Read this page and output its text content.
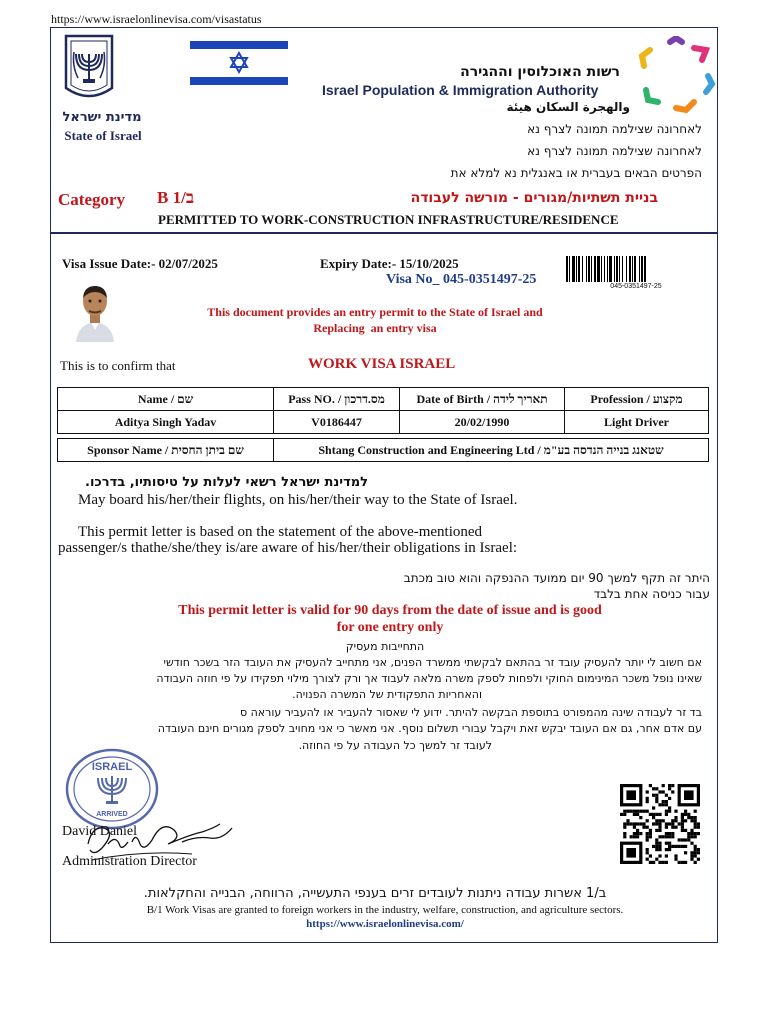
https://www.israelonlinevisa.com/visastatus
מדינת ישראל
State of Israel
רשות האוכלוסין וההגירה
Israel Population & Immigration Authority
والهجرة السكان هيئة
לאחרונה שצילמה תמונה לצרף נא
לאחרונה שצילמה תמונה לצרף נא
הפרטים הבאים בעברית או באנגלית נא למלא את
Category B 1/ב	בניית תשתיות/מגורים - מורשה לעבודה
PERMITTED TO WORK-CONSTRUCTION INFRASTRUCTURE/RESIDENCE
Visa Issue Date:- 02/07/2025	Expiry Date:- 15/10/2025
Visa No_ 045-0351497-25	045-0351497-25
This document provides an entry permit to the State of Israel and
Replacing  an entry visa
This is to confirm that	WORK VISA ISRAEL
Name / שם	Pass NO. / מס.דרכון	Date of Birth / תאריך לידה	Profession / מקצוע
Aditya Singh Yadav	V0186447	20/02/1990	Light Driver

Sponsor Name / שם ביתן החסית	Shtang Construction and Engineering Ltd / שטאנג בנייה הנדסה בע"מ		
למדינת ישראל רשאי לעלות על טיסותיו, בדרכו.
May board his/her/their flights, on his/her/their way to the State of Israel.
This permit letter is based on the statement of the above-mentioned
passenger/s thathe/she/they is/are aware of his/her/their obligations in Israel:
היתר זה תקף למשך 90 יום ממועד ההנפקה והוא טוב מכתב
עבור כניסה אחת בלבד
This permit letter is valid for 90 days from the date of issue and is good
for one entry only
התחייבות מעסיק
אם חשוב לי יותר להעסיק עובד זר בהתאם לבקשתי ממשרד הפנים, אני מתחייב להעסיק את העובד הזר בשכר חודשי
שאינו נופל משכר המינימום החוקי ולפחות לספק משרה מלאה לעבוד אך ורק לצורך מילוי תפקידו על פי חוזה העבודה
והאחריות התפקודית של המשרה הפנויה.
בד זר לעבודה שינה מהמפורט בתוספת הבקשה להיתר. ידוע לי שאסור להעביר או להעביר עוראה ס
עם אדם אחר, גם אם העובד יבקש זאת ויקבל עבורי תשלום נוסף. אני מאשר כי אני מחויב לספק מגורים חינם העובדה
לעובד זר למשך כל העבודה על פי החוזה.
ISRAEL
ARRIVED
David Daniel
Administration Director
ב/1 אשרות עבודה ניתנות לעובדים זרים בענפי התעשייה, הרווחה, הבנייה והחקלאות.
B/1 Work Visas are granted to foreign workers in the industry, welfare, construction, and agriculture sectors.
https://www.israelonlinevisa.com/
